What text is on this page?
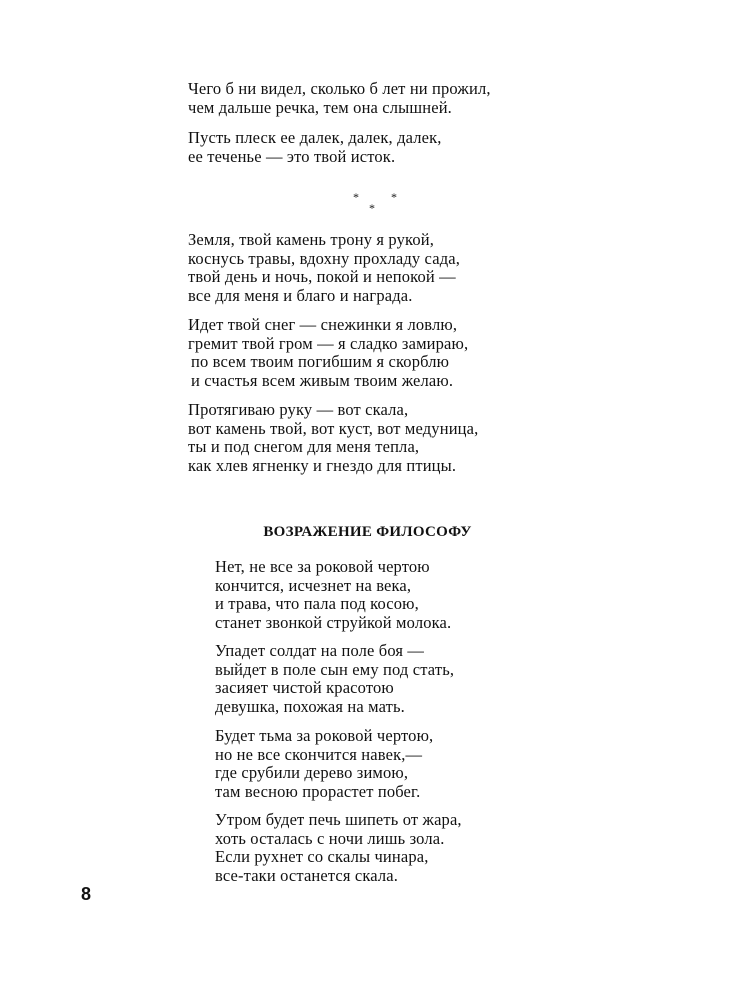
Чего б ни видел, сколько б лет ни прожил,
чем дальше речка, тем она слышней.
Пусть плеск ее далек, далек, далек,
ее теченье — это твой исток.
*
*
*
Земля, твой камень трону я рукой,
коснусь травы, вдохну прохладу сада,
твой день и ночь, покой и непокой —
все для меня и благо и награда.
Идет твой снег — снежинки я ловлю,
гремит твой гром — я сладко замираю,
по всем твоим погибшим я скорблю
и счастья всем живым твоим желаю.
Протягиваю руку — вот скала,
вот камень твой, вот куст, вот медуница,
ты и под снегом для меня тепла,
как хлев ягненку и гнездо для птицы.
ВОЗРАЖЕНИЕ ФИЛОСОФУ
Нет, не все за роковой чертою
кончится, исчезнет на века,
и трава, что пала под косою,
станет звонкой струйкой молока.
Упадет солдат на поле боя —
выйдет в поле сын ему под стать,
засияет чистой красотою
девушка, похожая на мать.
Будет тьма за роковой чертою,
но не все скончится навек,—
где срубили дерево зимою,
там весною прорастет побег.
Утром будет печь шипеть от жара,
хоть осталась с ночи лишь зола.
Если рухнет со скалы чинара,
все-таки останется скала.
8
